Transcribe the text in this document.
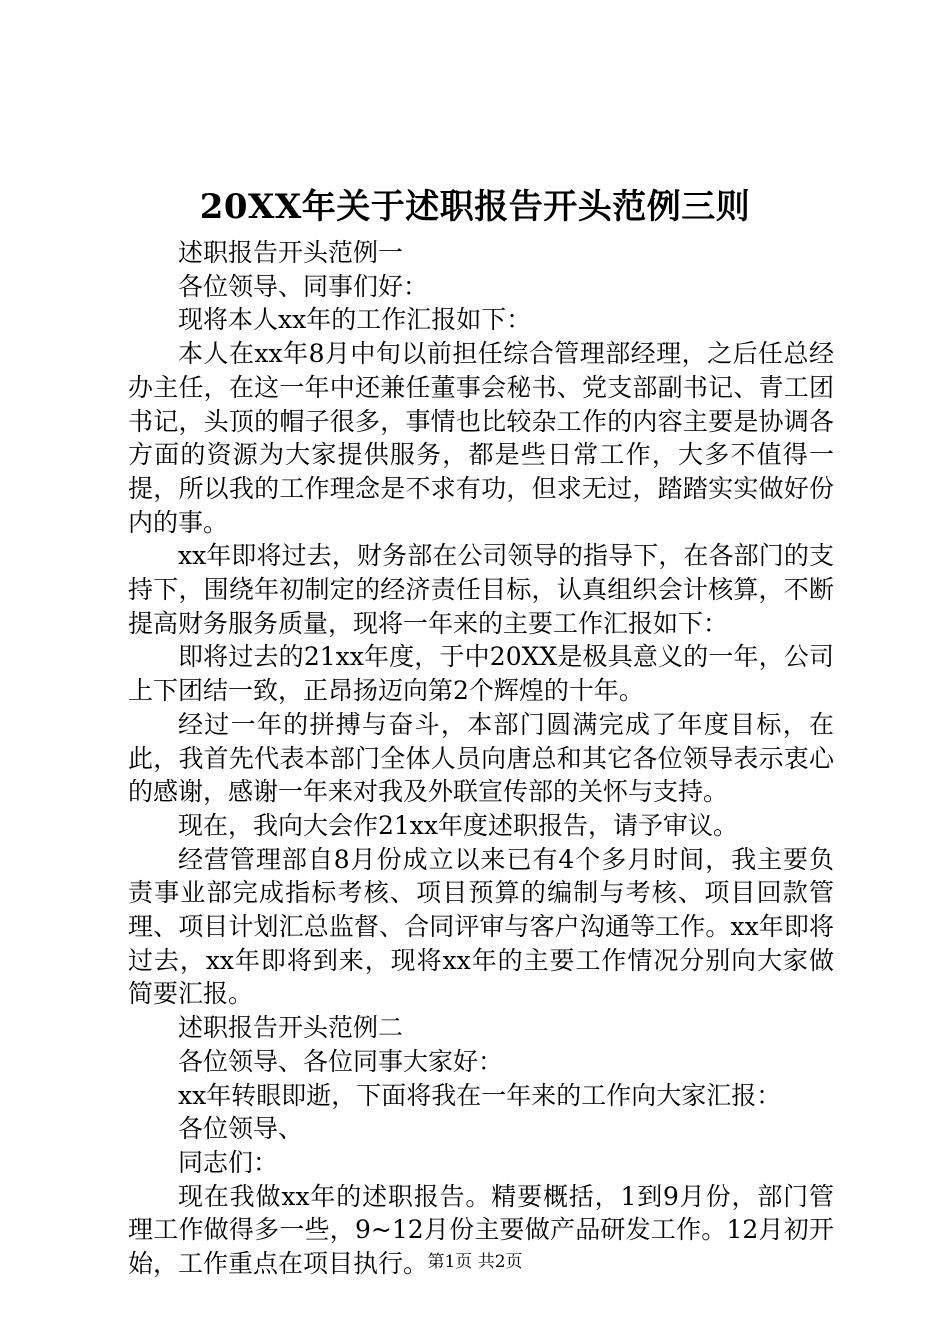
20XX年关于述职报告开头范例三则

述职报告开头范例一

各位领导、同事们好：

现将本人xx年的工作汇报如下：

本人在xx年8月中旬以前担任综合管理部经理，之后任总经办主任，在这一年中还兼任董事会秘书、党支部副书记、青工团书记，头顶的帽子很多，事情也比较杂工作的内容主要是协调各方面的资源为大家提供服务，都是些日常工作，大多不值得一提，所以我的工作理念是不求有功，但求无过，踏踏实实做好份内的事。

xx年即将过去，财务部在公司领导的指导下，在各部门的支持下，围绕年初制定的经济责任目标，认真组织会计核算，不断提高财务服务质量，现将一年来的主要工作汇报如下：

即将过去的21xx年度，于中20XX是极具意义的一年，公司上下团结一致，正昂扬迈向第2个辉煌的十年。

经过一年的拼搏与奋斗，本部门圆满完成了年度目标，在此，我首先代表本部门全体人员向唐总和其它各位领导表示衷心的感谢，感谢一年来对我及外联宣传部的关怀与支持。

现在，我向大会作21xx年度述职报告，请予审议。

经营管理部自8月份成立以来已有4个多月时间，我主要负责事业部完成指标考核、项目预算的编制与考核、项目回款管理、项目计划汇总监督、合同评审与客户沟通等工作。xx年即将过去，xx年即将到来，现将xx年的主要工作情况分别向大家做简要汇报。

述职报告开头范例二

各位领导、各位同事大家好：

xx年转眼即逝，下面将我在一年来的工作向大家汇报：

各位领导、

同志们：

现在我做xx年的述职报告。精要概括，1到9月份，部门管理工作做得多一些，9~12月份主要做产品研发工作。12月初开始，工作重点在项目执行。 第1页 共2页
